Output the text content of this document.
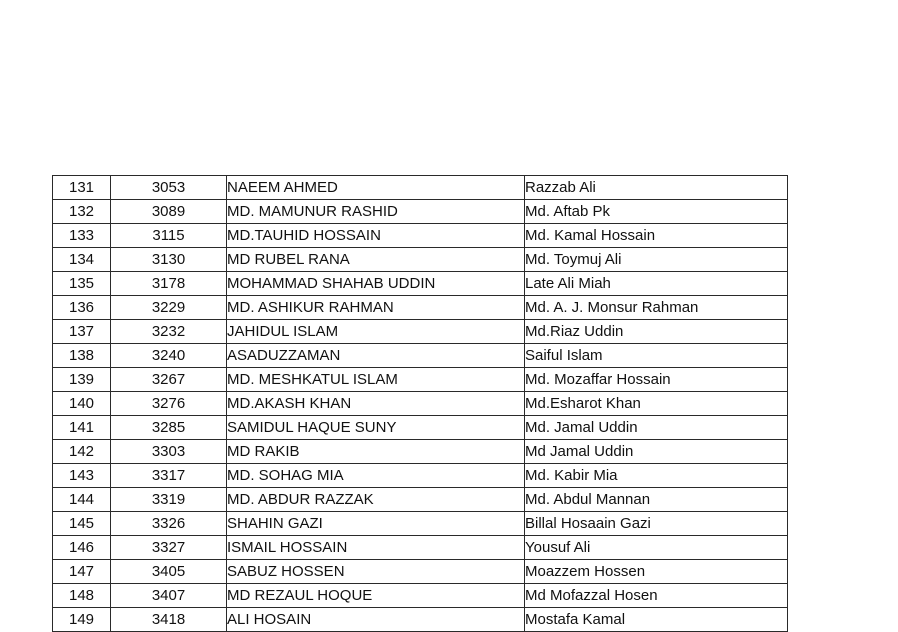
131	3053	NAEEM AHMED	Razzab Ali
132	3089	MD. MAMUNUR RASHID	Md. Aftab Pk
133	3115	MD.TAUHID HOSSAIN	Md. Kamal Hossain
134	3130	MD RUBEL RANA	Md. Toymuj Ali
135	3178	MOHAMMAD SHAHAB UDDIN	Late Ali Miah
136	3229	MD. ASHIKUR RAHMAN	Md. A. J. Monsur Rahman
137	3232	JAHIDUL ISLAM	Md.Riaz Uddin
138	3240	ASADUZZAMAN	Saiful Islam
139	3267	MD. MESHKATUL ISLAM	Md. Mozaffar Hossain
140	3276	MD.AKASH KHAN	Md.Esharot Khan
141	3285	SAMIDUL HAQUE SUNY	Md. Jamal Uddin
142	3303	MD RAKIB	Md Jamal Uddin
143	3317	MD. SOHAG MIA	Md. Kabir Mia
144	3319	MD. ABDUR RAZZAK	Md. Abdul Mannan
145	3326	SHAHIN GAZI	Billal Hosaain Gazi
146	3327	ISMAIL HOSSAIN	Yousuf Ali
147	3405	SABUZ HOSSEN	Moazzem Hossen
148	3407	MD REZAUL HOQUE	Md Mofazzal Hosen
149	3418	ALI HOSAIN	Mostafa Kamal
